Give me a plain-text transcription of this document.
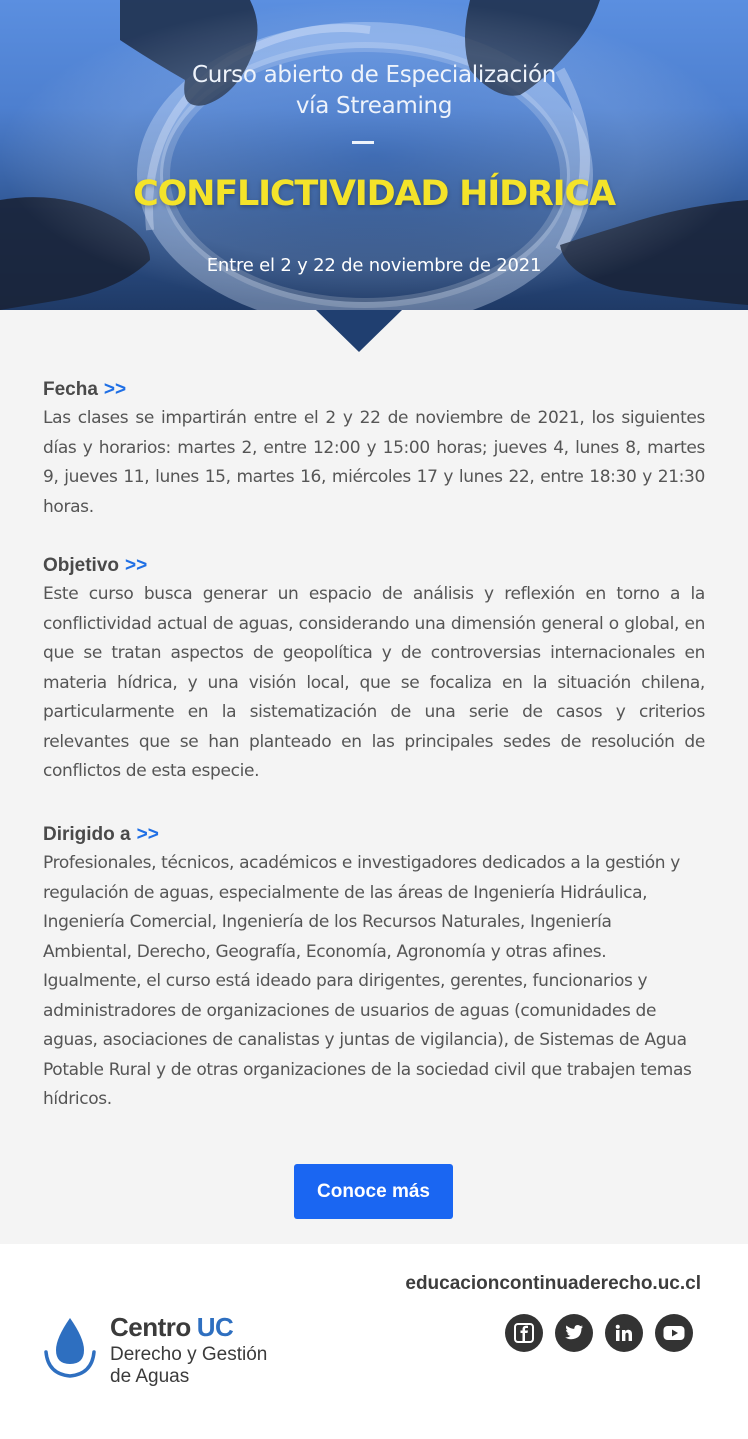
Curso abierto de Especialización
vía Streaming
CONFLICTIVIDAD HÍDRICA
Entre el 2 y 22 de noviembre de 2021
Fecha >>

Las clases se impartirán entre el 2 y 22 de noviembre de 2021, los siguientes días y horarios: martes 2, entre 12:00 y 15:00 horas; jueves 4, lunes 8, martes 9, jueves 11, lunes 15, martes 16, miércoles 17 y lunes 22, entre 18:30 y 21:30 horas.

Objetivo >>

Este curso busca generar un espacio de análisis y reflexión en torno a la conflictividad actual de aguas, considerando una dimensión general o global, en que se tratan aspectos de geopolítica y de controversias internacionales en materia hídrica, y una visión local, que se focaliza en la situación chilena, particularmente en la sistematización de una serie de casos y criterios relevantes que se han planteado en las principales sedes de resolución de conflictos de esta especie.

Dirigido a >>

Profesionales, técnicos, académicos e investigadores dedicados a la gestión y regulación de aguas, especialmente de las áreas de Ingeniería Hidráulica, Ingeniería Comercial, Ingeniería de los Recursos Naturales, Ingeniería Ambiental, Derecho, Geografía, Economía, Agronomía y otras afines. Igualmente, el curso está ideado para dirigentes, gerentes, funcionarios y administradores de organizaciones de usuarios de aguas (comunidades de aguas, asociaciones de canalistas y juntas de vigilancia), de Sistemas de Agua Potable Rural y de otras organizaciones de la sociedad civil que trabajen temas hídricos.

Conoce más
educacioncontinuaderecho.uc.cl
Centro UC
Derecho y Gestión
de Aguas
